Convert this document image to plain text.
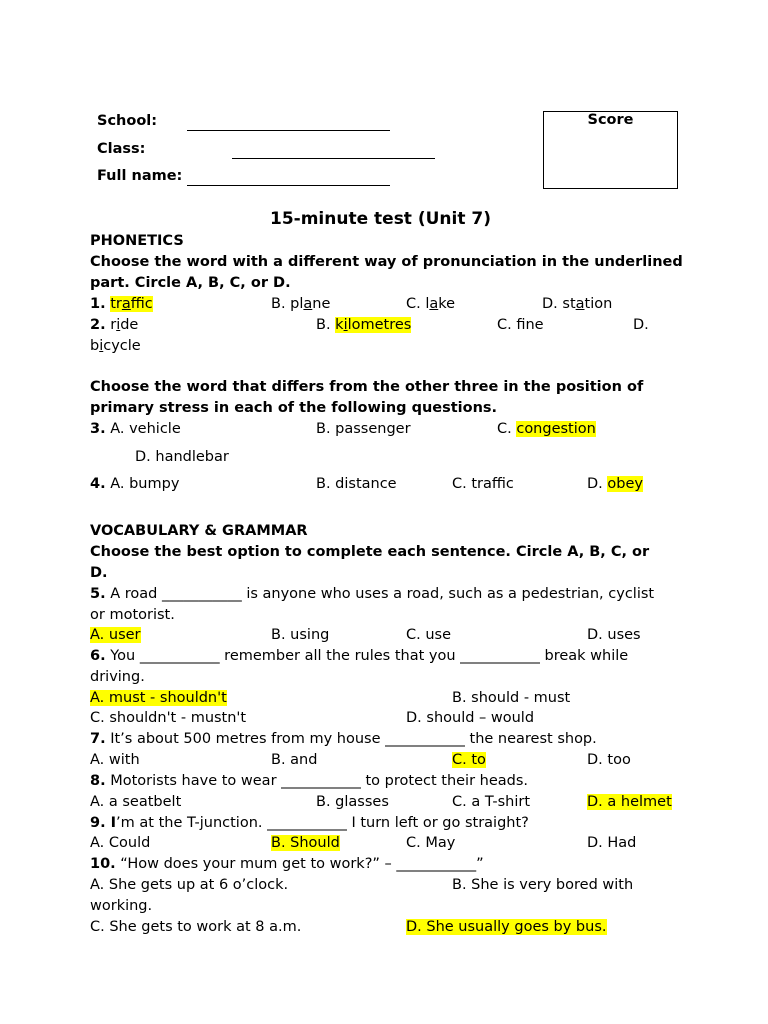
School:
Class:
Full name:
Score
15-minute test (Unit 7)
PHONETICS
Choose the word with a different way of pronunciation in the underlined
part. Circle A, B, C, or D.
1. traffic	B. plane	C. lake	D. station
2. ride	B. kilometres	C. fne	D.
bicycle
Choose the word that differs from the other three in the position of
primary stress in each of the following questions.
3. A. vehicle	B. passenger	C. congestion
D. handlebar
4. A. bumpy	B. distance	C. traffic	D. obey
VOCABULARY & GRAMMAR
Choose the best option to complete each sentence. Circle A, B, C, or
D.
5. A road ___________ is anyone who uses a road, such as a pedestrian, cyclist
or motorist.
A. user	B. using	C. use	D. uses
6. You ___________ remember all the rules that you ___________ break while
driving.
A. must - shouldn't	B. should - must
C. shouldn't - mustn't	D. should – would
7. It’s about 500 metres from my house ___________ the nearest shop.
A. with	B. and	C. to	D. too
8. Motorists have to wear ___________ to protect their heads.
A. a seatbelt	B. glasses	C. a T-shirt	D. a helmet
9. I’m at the T-junction. ___________ I turn left or go straight?
A. Could	B. Should	C. May	D. Had
10. “How does your mum get to work?” – ___________”
A. She gets up at 6 o’clock.	B. She is very bored with
working.
C. She gets to work at 8 a.m.	D. She usually goes by bus.
